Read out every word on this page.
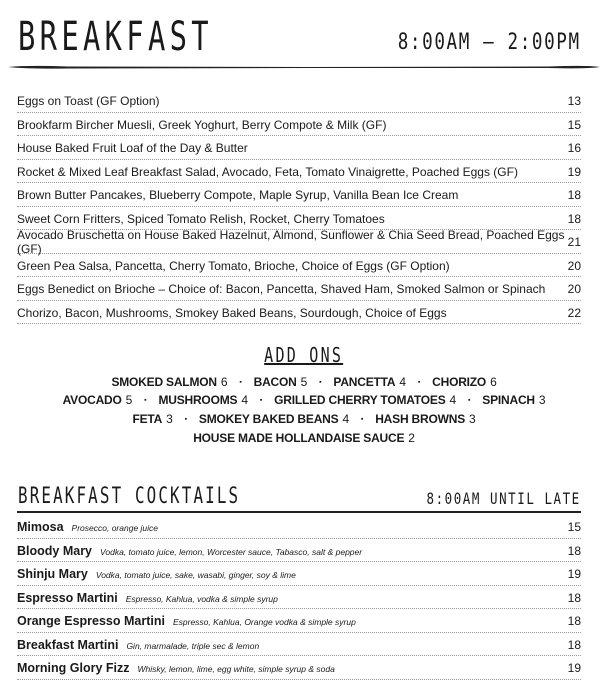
BREAKFAST	8:00AM – 2:00PM
Eggs on Toast (GF Option)	13
Brookfarm Bircher Muesli, Greek Yoghurt, Berry Compote & Milk (GF)	15
House Baked Fruit Loaf of the Day & Butter	16
Rocket & Mixed Leaf Breakfast Salad, Avocado, Feta, Tomato Vinaigrette, Poached Eggs (GF)	19
Brown Butter Pancakes, Blueberry Compote, Maple Syrup, Vanilla Bean Ice Cream	18
Sweet Corn Fritters, Spiced Tomato Relish, Rocket, Cherry Tomatoes	18
Avocado Bruschetta on House Baked Hazelnut, Almond, Sunflower & Chia Seed Bread, Poached Eggs (GF)	21
Green Pea Salsa, Pancetta, Cherry Tomato, Brioche, Choice of Eggs (GF Option)	20
Eggs Benedict on Brioche – Choice of: Bacon, Pancetta, Shaved Ham, Smoked Salmon or Spinach 20
Chorizo, Bacon, Mushrooms, Smokey Baked Beans, Sourdough, Choice of Eggs	22
ADD ONS
SMOKED SALMON 6 ▪ BACON 5 ▪ PANCETTA 4 ▪ CHORIZO 6
AVOCADO 5 ▪ MUSHROOMS 4 ▪ GRILLED CHERRY TOMATOES 4 ▪ SPINACH 3
FETA 3 ▪ SMOKEY BAKED BEANS 4 ▪ HASH BROWNS 3
HOUSE MADE HOLLANDAISE SAUCE 2
BREAKFAST COCKTAILS	8:00AM UNTIL LATE
Mimosa Prosecco, orange juice	15
Bloody Mary Vodka, tomato juice, lemon, Worcester sauce, Tabasco, salt & pepper	18
Shinju Mary Vodka, tomato juice, sake, wasabi, ginger, soy & lime	19
Espresso Martini Espresso, Kahlua, vodka & simple syrup	18
Orange Espresso Martini Espresso, Kahlua, Orange vodka & simple syrup	18
Breakfast Martini Gin, marmalade, triple sec & lemon	18
Morning Glory Fizz Whisky, lemon, lime, egg white, simple syrup & soda	19
